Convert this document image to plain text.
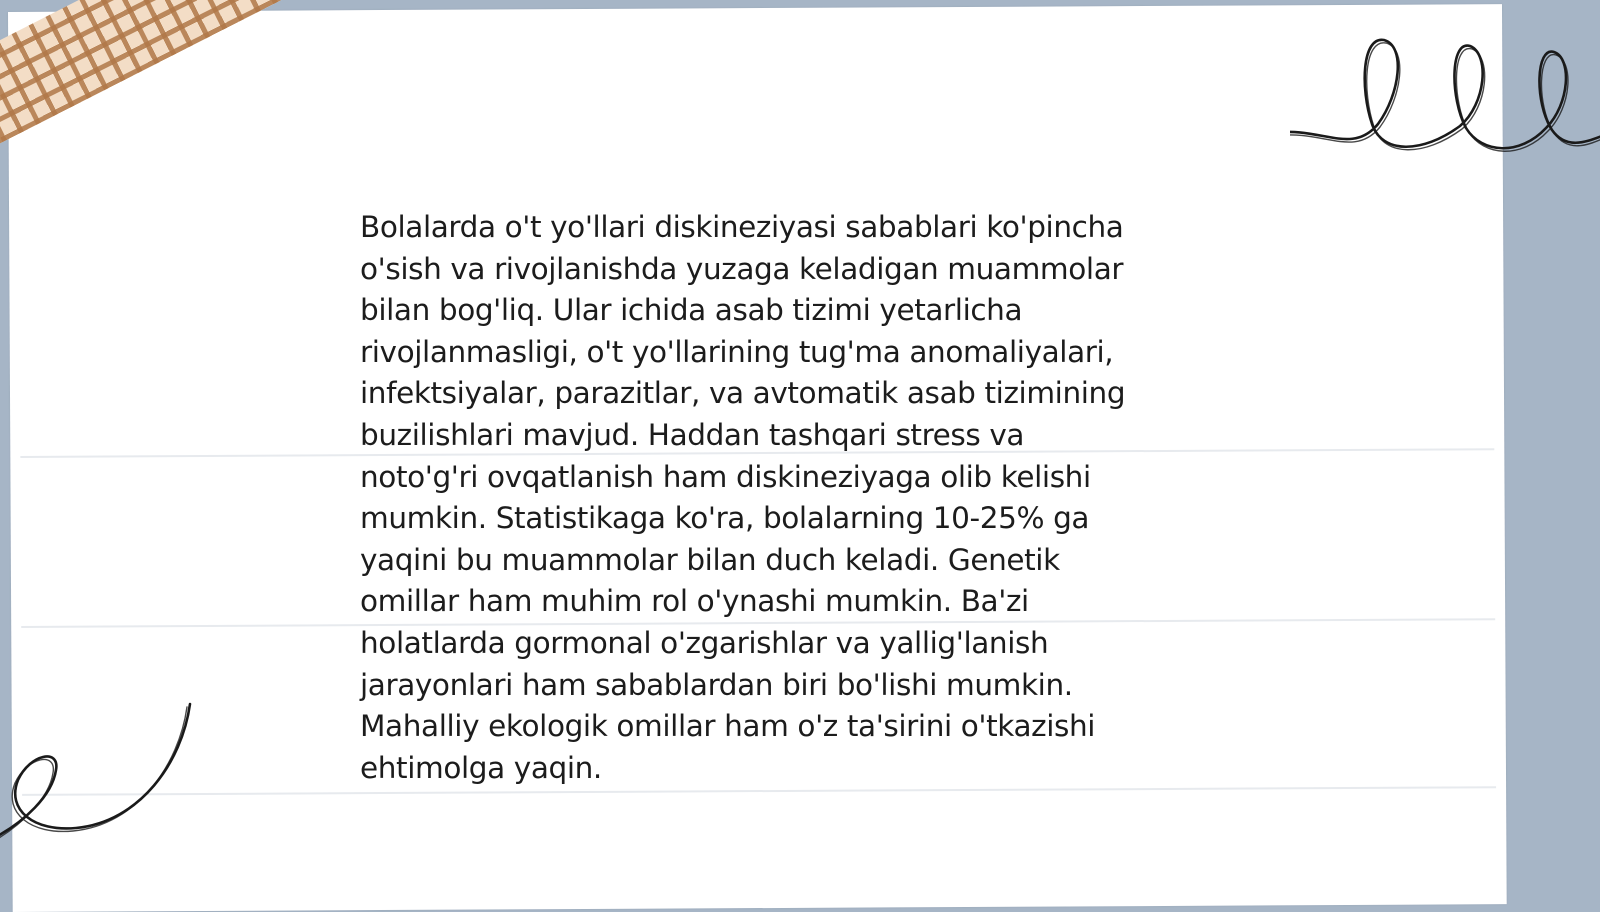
Bolalarda o't yo'llari diskineziyasi sabablari ko'pincha
o'sish va rivojlanishda yuzaga keladigan muammolar
bilan bog'liq. Ular ichida asab tizimi yetarlicha
rivojlanmasligi, o't yo'llarining tug'ma anomaliyalari,
infektsiyalar, parazitlar, va avtomatik asab tizimining
buzilishlari mavjud. Haddan tashqari stress va
noto'g'ri ovqatlanish ham diskineziyaga olib kelishi
mumkin. Statistikaga ko'ra, bolalarning 10-25% ga
yaqini bu muammolar bilan duch keladi. Genetik
omillar ham muhim rol o'ynashi mumkin. Ba'zi
holatlarda gormonal o'zgarishlar va yallig'lanish
jarayonlari ham sabablardan biri bo'lishi mumkin.
Mahalliy ekologik omillar ham o'z ta'sirini o'tkazishi
ehtimolga yaqin.
